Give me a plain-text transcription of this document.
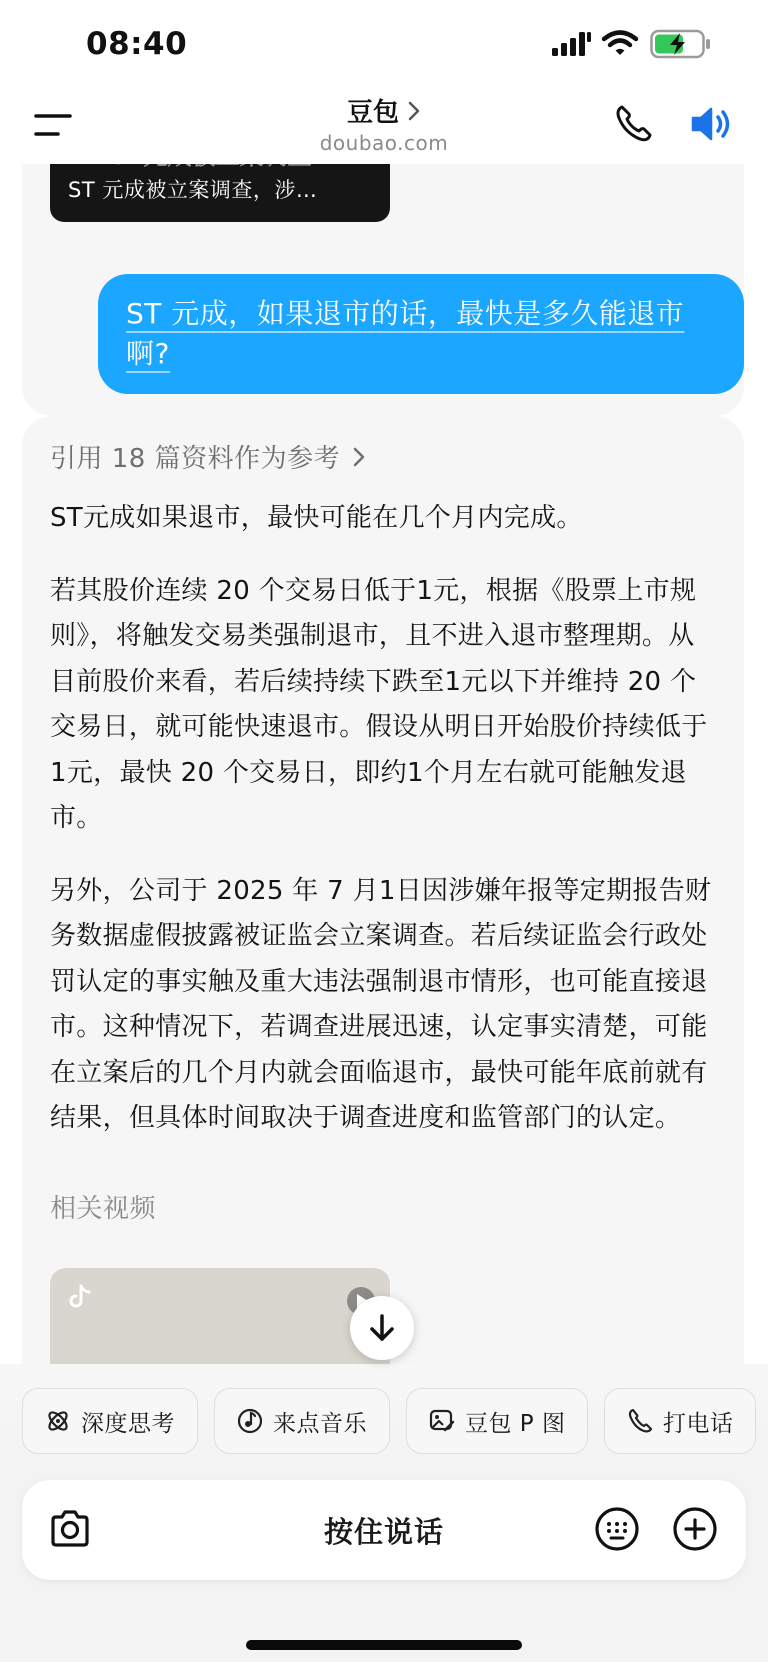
08:40
豆包
doubao.com
ST 元成被立案调查，涉…
ST 元成，如果退市的话，最快是多久能退市啊?
引用 18 篇资料作为参考

ST元成如果退市，最快可能在几个月内完成。

若其股价连续 20 个交易日低于1元，根据《股票上市规则》，将触发交易类强制退市，且不进入退市整理期。从目前股价来看，若后续持续下跌至1元以下并维持 20 个交易日，就可能快速退市。假设从明日开始股价持续低于1元，最快 20 个交易日，即约1个月左右就可能触发退市。

另外，公司于 2025 年 7 月1日因涉嫌年报等定期报告财务数据虚假披露被证监会立案调查。若后续证监会行政处罚认定的事实触及重大违法强制退市情形，也可能直接退市。这种情况下，若调查进展迅速，认定事实清楚，可能在立案后的几个月内就会面临退市，最快可能年底前就有结果，但具体时间取决于调查进度和监管部门的认定。

相关视频
深度思考	来点音乐	豆包 P 图	打电话
按住说话
